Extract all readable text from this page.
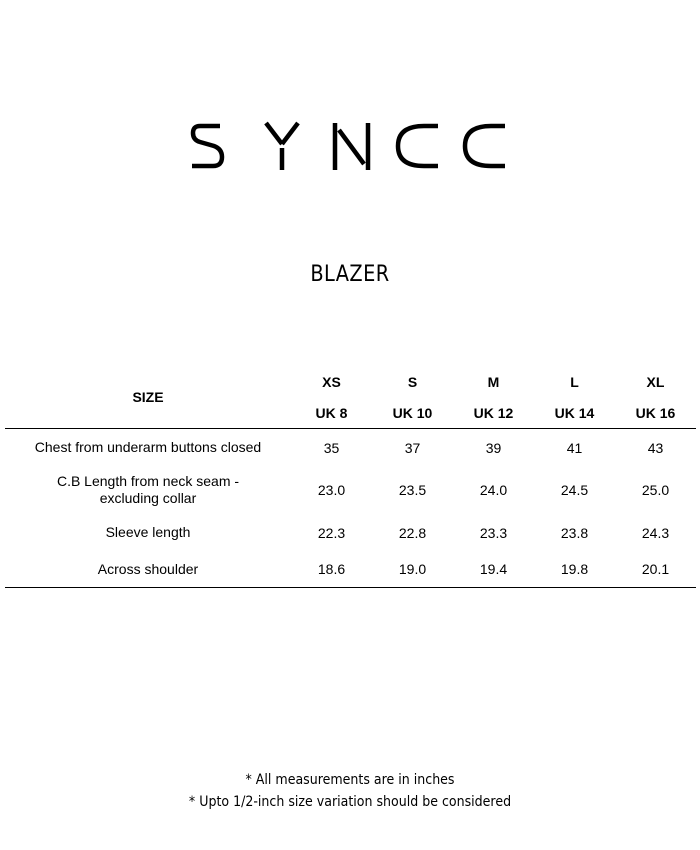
BLAZER
SIZE	XS	S	M	L	XL
	UK 8	UK 10	UK 12	UK 14	UK 16
Chest from underarm buttons closed	35	37	39	41	43
C.B Length from neck seam - excluding collar	23.0	23.5	24.0	24.5	25.0
Sleeve length	22.3	22.8	23.3	23.8	24.3
Across shoulder	18.6	19.0	19.4	19.8	20.1

* All measurements are in inches

* Upto 1/2-inch size variation should be considered
